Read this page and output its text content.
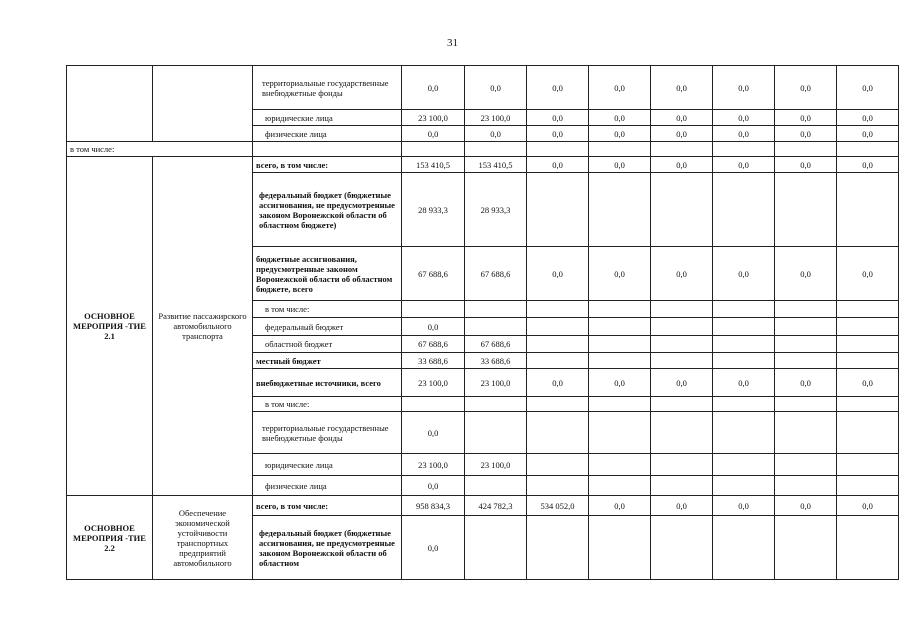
31
		территориальные государственные внебюджетные фонды	0,0	0,0	0,0	0,0	0,0	0,0	0,0	0,0
		юридические лица	23 100,0	23 100,0	0,0	0,0	0,0	0,0	0,0	0,0
		физические лица	0,0	0,0	0,0	0,0	0,0	0,0	0,0	0,0
в том числе:										
ОСНОВНОЕ МЕРОПРИЯ -ТИЕ 2.1	Развитие пассажирского автомобильного транспорта	всего, в том числе:	153 410,5	153 410,5	0,0	0,0	0,0	0,0	0,0	0,0
		федеральный бюджет (бюджетные ассигнования, не предусмотренные законом Воронежской области об областном бюджете)	28 933,3	28 933,3						
		бюджетные ассигнования, предусмотренные законом Воронежской области об областном бюджете, всего	67 688,6	67 688,6	0,0	0,0	0,0	0,0	0,0	0,0
		в том числе:								
		федеральный бюджет	0,0							
		областной бюджет	67 688,6	67 688,6						
		местный бюджет	33 688,6	33 688,6						
		внебюджетные источники, всего	23 100,0	23 100,0	0,0	0,0	0,0	0,0	0,0	0,0
		в том числе:								
		территориальные государственные внебюджетные фонды	0,0							
		юридические лица	23 100,0	23 100,0						
		физические лица	0,0							
ОСНОВНОЕ МЕРОПРИЯ -ТИЕ 2.2	Обеспечение экономической устойчивости транспортных предприятий автомобильного	всего, в том числе:	958 834,3	424 782,3	534 052,0	0,0	0,0	0,0	0,0	0,0
		федеральный бюджет (бюджетные ассигнования, не предусмотренные законом Воронежской области об областном	0,0							
